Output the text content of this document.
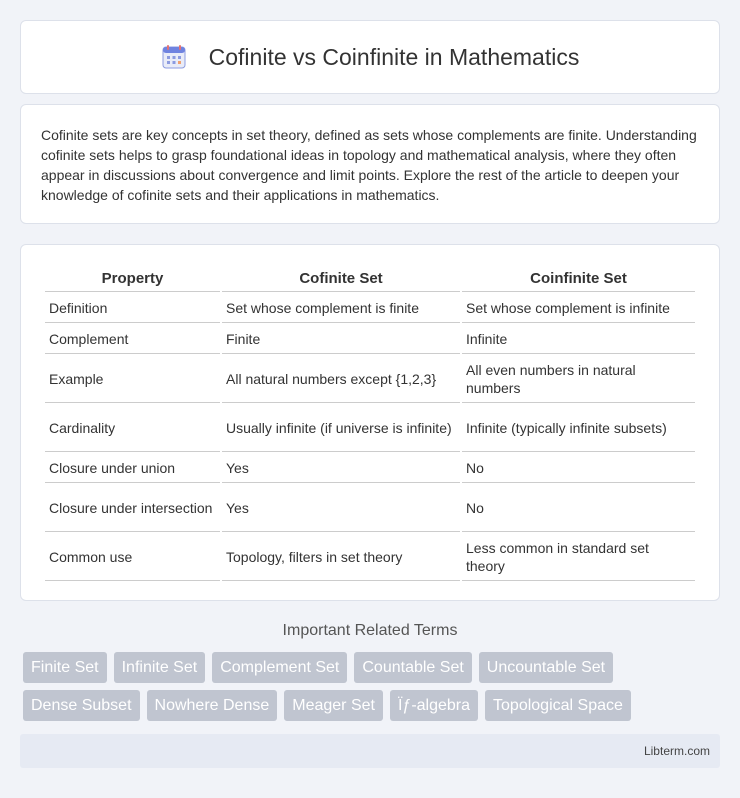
Cofinite vs Coinfinite in Mathematics

Cofinite sets are key concepts in set theory, defined as sets whose complements are finite. Understanding cofinite sets helps to grasp foundational ideas in topology and mathematical analysis, where they often appear in discussions about convergence and limit points. Explore the rest of the article to deepen your knowledge of cofinite sets and their applications in mathematics.

Property	Cofinite Set	Coinfinite Set
Definition	Set whose complement is finite	Set whose complement is infinite
Complement	Finite	Infinite
Example	All natural numbers except {1,2,3}	All even numbers in natural numbers
Cardinality	Usually infinite (if universe is infinite)	Infinite (typically infinite subsets)
Closure under union	Yes	No
Closure under intersection	Yes	No
Common use	Topology, filters in set theory	Less common in standard set theory
Important Related Terms
Finite Set	Infinite Set	Complement Set	Countable Set	Uncountable Set
Dense Subset	Nowhere Dense	Meager Set	Ïƒ-algebra	Topological Space
Libterm.com
